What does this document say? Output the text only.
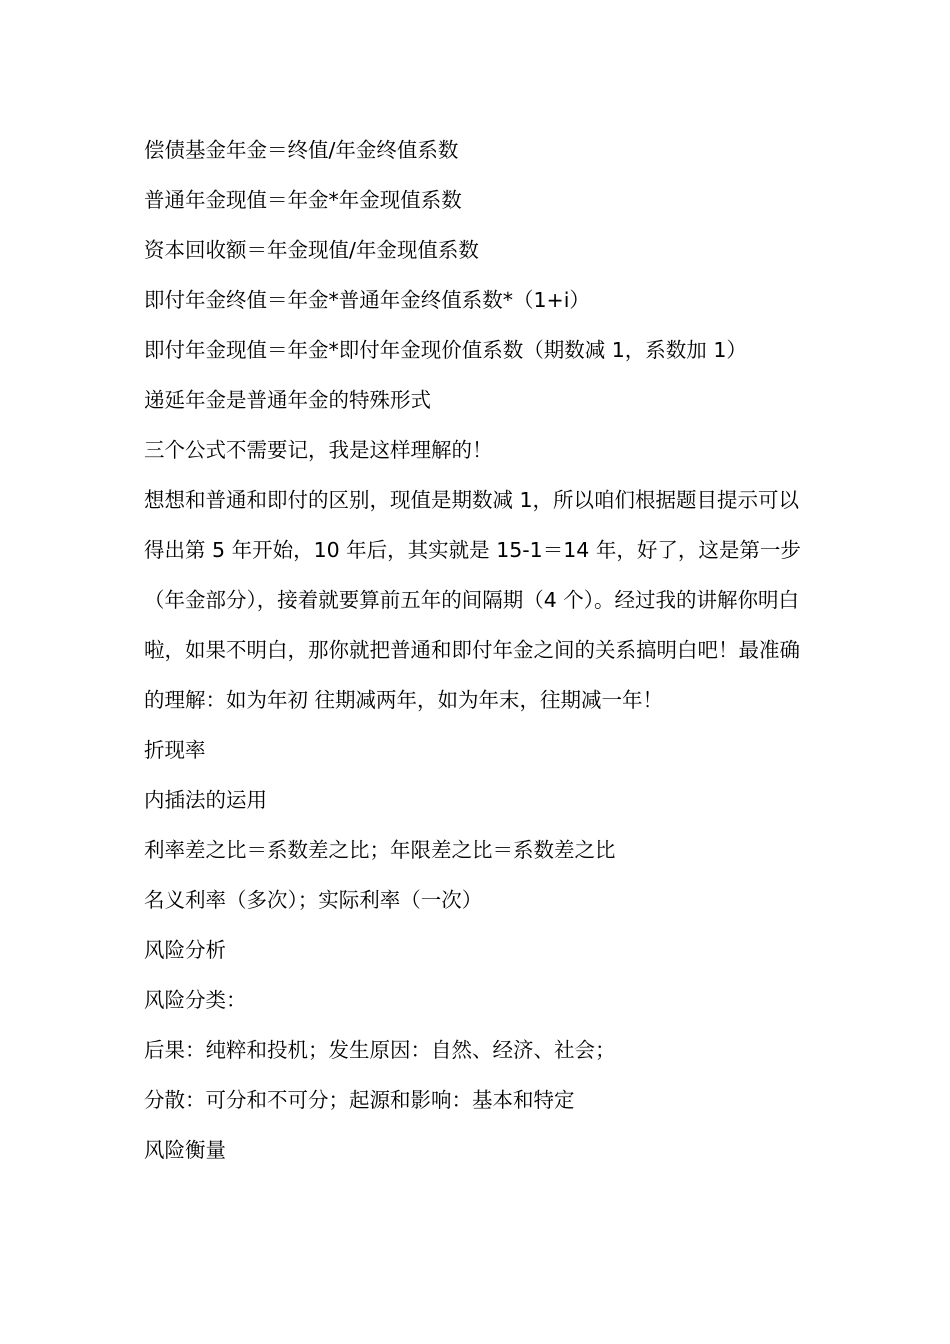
偿债基金年金＝终值/年金终值系数

普通年金现值＝年金*年金现值系数

资本回收额＝年金现值/年金现值系数

即付年金终值＝年金*普通年金终值系数*（1+i）

即付年金现值＝年金*即付年金现价值系数（期数减 1，系数加 1）

递延年金是普通年金的特殊形式

三个公式不需要记，我是这样理解的！

想想和普通和即付的区别，现值是期数减 1，所以咱们根据题目提示可以得出第 5 年开始，10 年后，其实就是 15-1＝14 年，好了，这是第一步（年金部分），接着就要算前五年的间隔期（4 个）。经过我的讲解你明白啦，如果不明白，那你就把普通和即付年金之间的关系搞明白吧！最准确的理解：如为年初 往期减两年，如为年末，往期减一年！

折现率

内插法的运用

利率差之比＝系数差之比；年限差之比＝系数差之比

名义利率（多次）；实际利率（一次）

风险分析

风险分类：

后果：纯粹和投机；发生原因：自然、经济、社会；

分散：可分和不可分；起源和影响：基本和特定

风险衡量
